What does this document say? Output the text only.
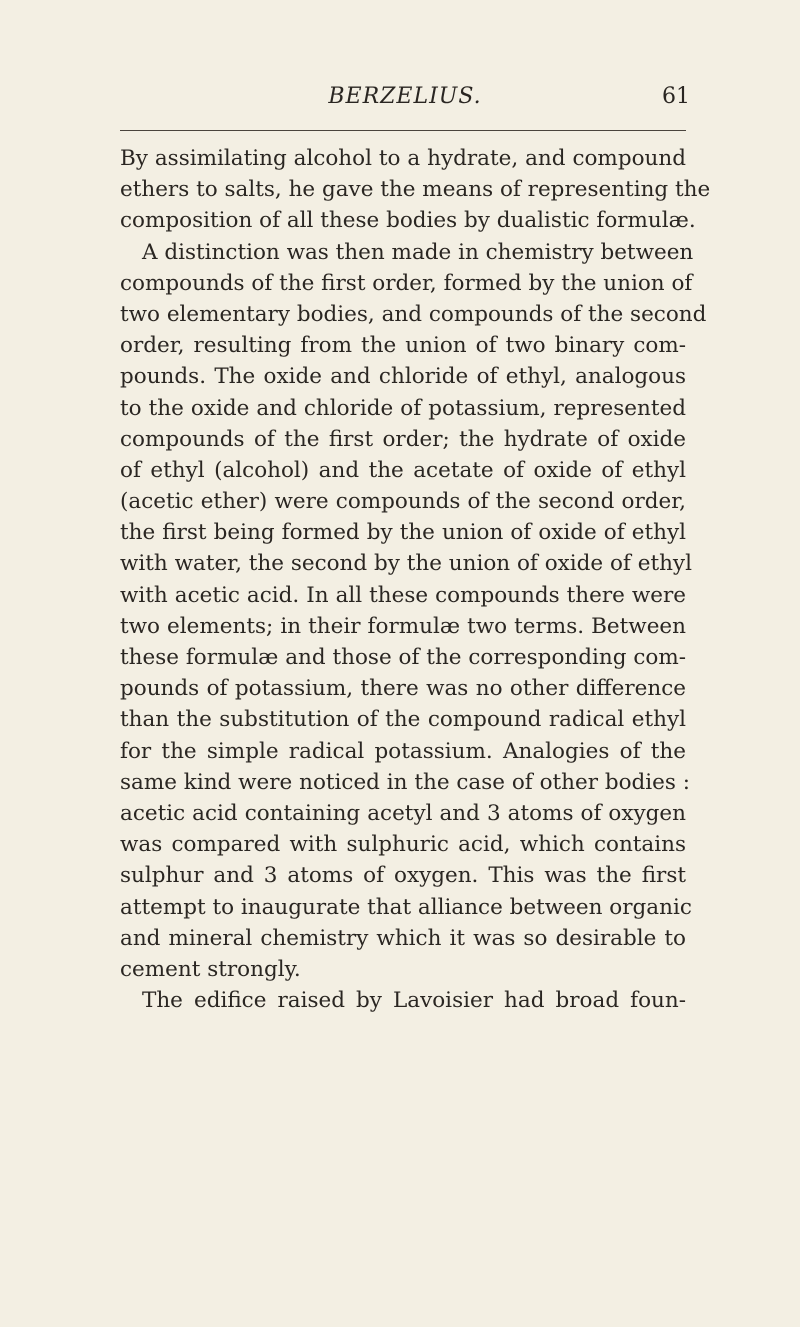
BERZELIUS.	61
By assimilating alcohol to a hydrate, and compound
ethers to salts, he gave the means of representing the
composition of all these bodies by dualistic formulæ.
A distinction was then made in chemistry between
compounds of the first order, formed by the union of
two elementary bodies, and compounds of the second
order, resulting from the union of two binary com-
pounds. The oxide and chloride of ethyl, analogous
to the oxide and chloride of potassium, represented
compounds of the first order; the hydrate of oxide
of ethyl (alcohol) and the acetate of oxide of ethyl
(acetic ether) were compounds of the second order,
the first being formed by the union of oxide of ethyl
with water, the second by the union of oxide of ethyl
with acetic acid. In all these compounds there were
two elements; in their formulæ two terms. Between
these formulæ and those of the corresponding com-
pounds of potassium, there was no other difference
than the substitution of the compound radical ethyl
for the simple radical potassium. Analogies of the
same kind were noticed in the case of other bodies :
acetic acid containing acetyl and 3 atoms of oxygen
was compared with sulphuric acid, which contains
sulphur and 3 atoms of oxygen. This was the first
attempt to inaugurate that alliance between organic
and mineral chemistry which it was so desirable to
cement strongly.
The edifice raised by Lavoisier had broad foun-
